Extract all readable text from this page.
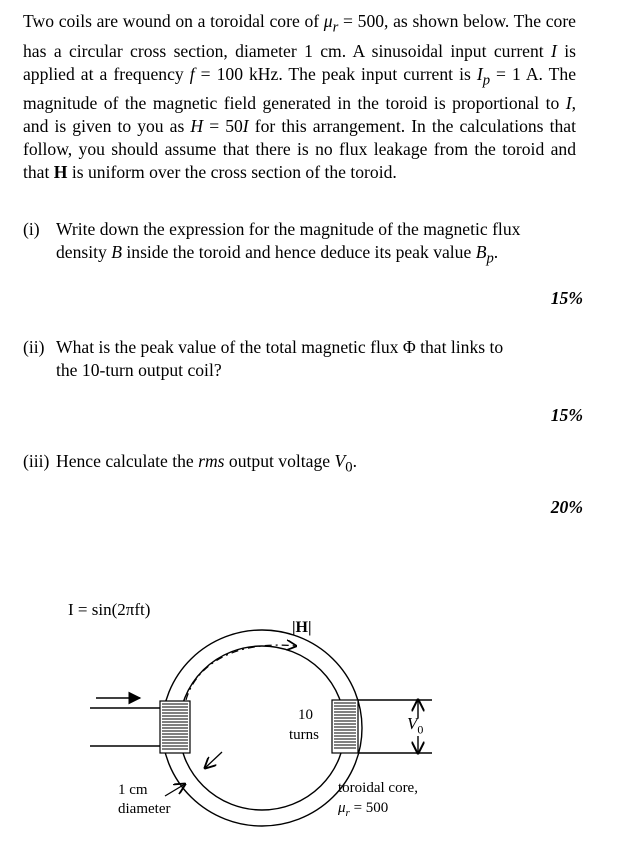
Two coils are wound on a toroidal core of $\mu_r = 500$, as shown below. The core has a circular cross section, diameter 1 cm. A sinusoidal input current I is applied at a frequency f = 100 kHz. The peak input current is $I_p = 1$ A. The magnitude of the magnetic field generated in the toroid is proportional to I, and is given to you as H = 50I for this arrangement. In the calculations that follow, you should assume that there is no flux leakage from the toroid and that H is uniform over the cross section of the toroid.
(i) Write down the expression for the magnitude of the magnetic flux
density B inside the toroid and hence deduce its peak value $B_p$.
15%
(ii) What is the peak value of the total magnetic flux Φ that links to
the 10-turn output coil?
15%
(iii) Hence calculate the rms output voltage $V_0$.
20%
I = sin(2πft)
|H|
10
turns
$V_0$
1 cm
diameter
toroidal core,
$\mu_r = 500$
